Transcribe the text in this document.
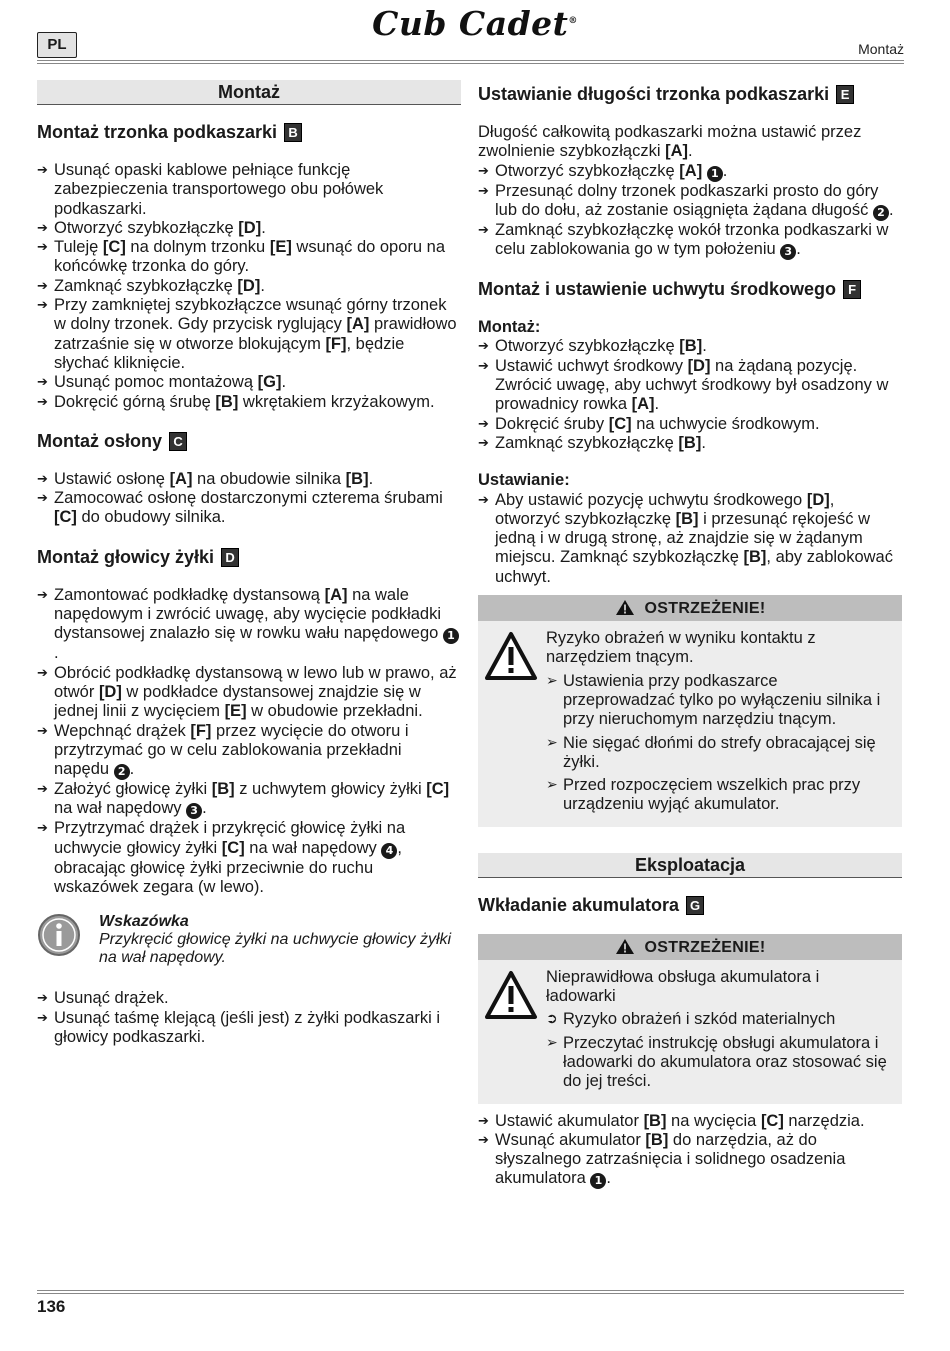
PL
Cub Cadet®
Montaż
Montaż
Montaż trzonka podkaszarki B
➔ Usunąć opaski kablowe pełniące funkcję zabezpieczenia transportowego obu połówek podkaszarki.
➔ Otworzyć szybkozłączkę [D].
➔ Tuleję [C] na dolnym trzonku [E] wsunąć do oporu na końcówkę trzonka do góry.
➔ Zamknąć szybkozłączkę [D].
➔ Przy zamkniętej szybkozłączce wsunąć górny trzonek w dolny trzonek. Gdy przycisk ryglujący [A] prawidłowo zatrzaśnie się w otworze blokującym [F], będzie słychać kliknięcie.
➔ Usunąć pomoc montażową [G].
➔ Dokręcić górną śrubę [B] wkrętakiem krzyżakowym.
Montaż osłony C
➔ Ustawić osłonę [A] na obudowie silnika [B].
➔ Zamocować osłonę dostarczonymi czterema śrubami [C] do obudowy silnika.
Montaż głowicy żyłki D
➔ Zamontować podkładkę dystansową [A] na wale napędowym i zwrócić uwagę, aby wycięcie podkładki dystansowej znalazło się w rowku wału napędowego 1.
➔ Obrócić podkładkę dystansową w lewo lub w prawo, aż otwór [D] w podkładce dystansowej znajdzie się w jednej linii z wycięciem [E] w obudowie przekładni.
➔ Wepchnąć drążek [F] przez wycięcie do otworu i przytrzymać go w celu zablokowania przekładni napędu 2 .
➔ Założyć głowicę żyłki [B] z uchwytem głowicy żyłki [C] na wał napędowy 3 .
➔ Przytrzymać drążek i przykręcić głowicę żyłki na uchwycie głowicy żyłki [C] na wał napędowy 4 , obracając głowicę żyłki przeciwnie do ruchu wskazówek zegara (w lewo).
Wskazówka
Przykręcić głowicę żyłki na uchwycie głowicy żyłki na wał napędowy.
➔ Usunąć drążek.
➔ Usunąć taśmę klejącą (jeśli jest) z żyłki podkaszarki i głowicy podkaszarki.
Ustawianie długości trzonka podkaszarki E

Długość całkowitą podkaszarki można ustawić przez zwolnienie szybkozłączki [A].

➔ Otworzyć szybkozłączkę [A] 1 .
➔ Przesunąć dolny trzonek podkaszarki prosto do góry lub do dołu, aż zostanie osiągnięta żądana długość 2 .
➔ Zamknąć szybkozłączkę wokół trzonka podkaszarki w celu zablokowania go w tym położeniu 3 .
Montaż i ustawienie uchwytu środkowego F

Montaż:

➔ Otworzyć szybkozłączkę [B].
➔ Ustawić uchwyt środkowy [D] na żądaną pozycję. Zwrócić uwagę, aby uchwyt środkowy był osadzony w prowadnicy rowka [A].
➔ Dokręcić śruby [C] na uchwycie środkowym.
➔ Zamknąć szybkozłączkę [B].

Ustawianie:

➔ Aby ustawić pozycję uchwytu środkowego [D], otworzyć szybkozłączkę [B] i przesunąć rękojeść w jedną i w drugą stronę, aż znajdzie się w żądanym miejscu. Zamknąć szybkozłączkę [B], aby zablokować uchwyt.
OSTRZEŻENIE!

Ryzyko obrażeń w wyniku kontaktu z narzędziem tnącym.

➢ Ustawienia przy podkaszarce przeprowadzać tylko po wyłączeniu silnika i przy nieruchomym narzędziu tnącym.
➢ Nie sięgać dłońmi do strefy obracającej się żyłki.
➢ Przed rozpoczęciem wszelkich prac przy urządzeniu wyjąć akumulator.
Eksploatacja
Wkładanie akumulatora G
OSTRZEŻENIE!

Nieprawidłowa obsługa akumulatora i ładowarki

➲ Ryzyko obrażeń i szkód materialnych
➢ Przeczytać instrukcję obsługi akumulatora i ładowarki do akumulatora oraz stosować się do jej treści.
➔ Ustawić akumulator [B] na wycięcia [C] narzędzia.
➔ Wsunąć akumulator [B] do narzędzia, aż do słyszalnego zatrzaśnięcia i solidnego osadzenia akumulatora 1 .
136
